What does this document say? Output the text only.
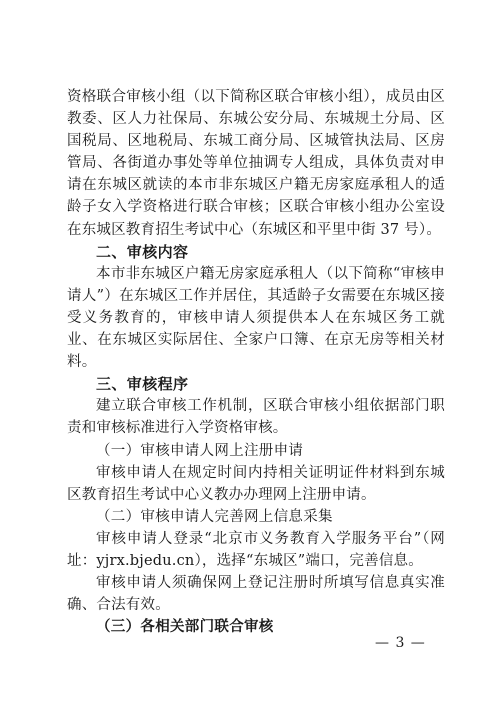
资格联合审核小组（以下简称区联合审核小组），成员由区教委、区人力社保局、东城公安分局、东城规土分局、区国税局、区地税局、东城工商分局、区城管执法局、区房管局、各街道办事处等单位抽调专人组成，具体负责对申请在东城区就读的本市非东城区户籍无房家庭承租人的适龄子女入学资格进行联合审核；区联合审核小组办公室设在东城区教育招生考试中心（东城区和平里中街 37 号）。

二、审核内容

本市非东城区户籍无房家庭承租人（以下简称“审核申请人”）在东城区工作并居住，其适龄子女需要在东城区接受义务教育的，审核申请人须提供本人在东城区务工就业、在东城区实际居住、全家户口簿、在京无房等相关材料。

三、审核程序

建立联合审核工作机制，区联合审核小组依据部门职责和审核标准进行入学资格审核。

（一）审核申请人网上注册申请

审核申请人在规定时间内持相关证明证件材料到东城区教育招生考试中心义教办办理网上注册申请。

（二）审核申请人完善网上信息采集

审核申请人登录“北京市义务教育入学服务平台”（网址：yjrx.bjedu.cn），选择“东城区”端口，完善信息。

审核申请人须确保网上登记注册时所填写信息真实准确、合法有效。

（三）各相关部门联合审核

— 3 —
